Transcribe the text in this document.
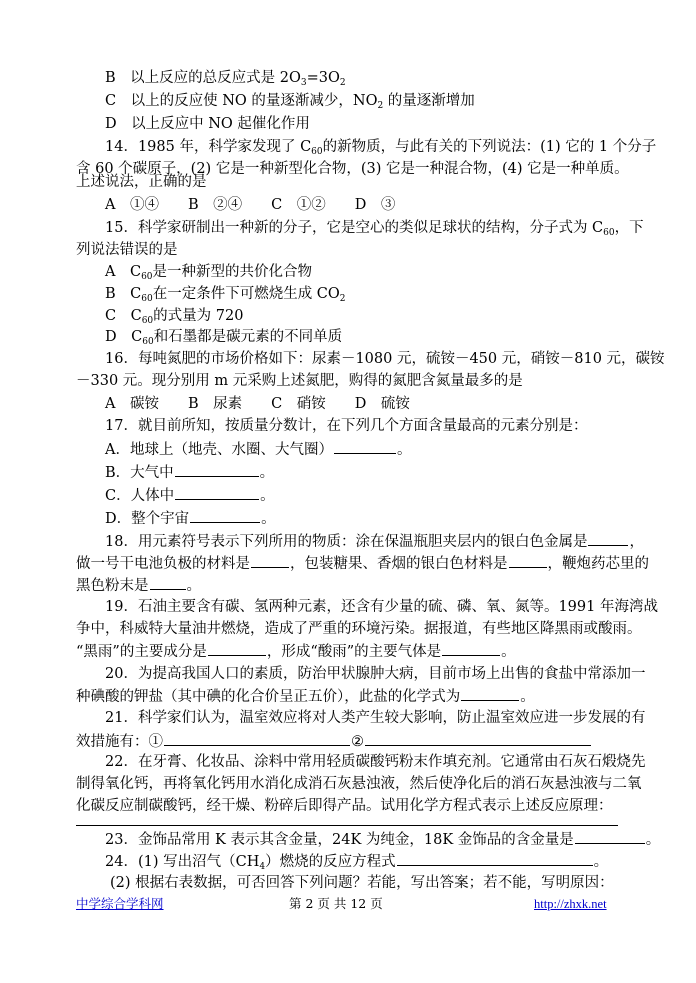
B　以上反应的总反应式是 $2O_3=3O_2$
C　以上的反应使 NO 的量逐渐减少，$NO_2$ 的量逐渐增加
D　以上反应中 NO 起催化作用
14．1985 年，科学家发现了 $C_{60}$的新物质，与此有关的下列说法：(1) 它的 1 个分子
含 60 个碳原子，(2) 它是一种新型化合物，(3) 它是一种混合物，(4) 它是一种单质。
上述说法，正确的是
A　①④　　B　②④　　C　①②　　D　③
15．科学家研制出一种新的分子，它是空心的类似足球状的结构，分子式为 $C_{60}$，下
列说法错误的是
A　$C_{60}$是一种新型的共价化合物
B　$C_{60}$在一定条件下可燃烧生成 $CO_2$
C　$C_{60}$的式量为 720
D　$C_{60}$和石墨都是碳元素的不同单质
16．每吨氮肥的市场价格如下：尿素－1080 元，硫铵－450 元，硝铵－810 元，碳铵
－330 元。现分别用 m 元采购上述氮肥，购得的氮肥含氮量最多的是
A　碳铵　　B　尿素　　C　硝铵　　D　硫铵
17．就目前所知，按质量分数计，在下列几个方面含量最高的元素分别是：
A．地球上（地壳、水圈、大气圈）	。
B．大气中	。
C．人体中	。
D．整个宇宙	。
18．用元素符号表示下列所用的物质：涂在保温瓶胆夹层内的银白色金属是	，
做一号干电池负极的材料是	，包装糖果、香烟的银白色材料是	，鞭炮药芯里的
黑色粉末是	。
19．石油主要含有碳、氢两种元素，还含有少量的硫、磷、氧、氮等。1991 年海湾战
争中，科威特大量油井燃烧，造成了严重的环境污染。据报道，有些地区降黑雨或酸雨。
“黑雨”的主要成分是	，形成“酸雨”的主要气体是	。
20．为提高我国人口的素质，防治甲状腺肿大病，目前市场上出售的食盐中常添加一
种碘酸的钾盐（其中碘的化合价呈正五价），此盐的化学式为	。
21．科学家们认为，温室效应将对人类产生较大影响，防止温室效应进一步发展的有
效措施有：①	②
22．在牙膏、化妆品、涂料中常用轻质碳酸钙粉末作填充剂。它通常由石灰石煅烧先
制得氧化钙，再将氧化钙用水消化成消石灰悬浊液，然后使净化后的消石灰悬浊液与二氧
化碳反应制碳酸钙，经干燥、粉碎后即得产品。试用化学方程式表示上述反应原理：
23．金饰品常用 K 表示其含金量，24K 为纯金，18K 金饰品的含金量是	。
24．(1) 写出沼气$(CH_4)$燃烧的反应方程式	。
(2) 根据右表数据，可否回答下列问题？若能，写出答案；若不能，写明原因：
中学综合学科网	第 2 页 共 12 页	http://zhxk.net
